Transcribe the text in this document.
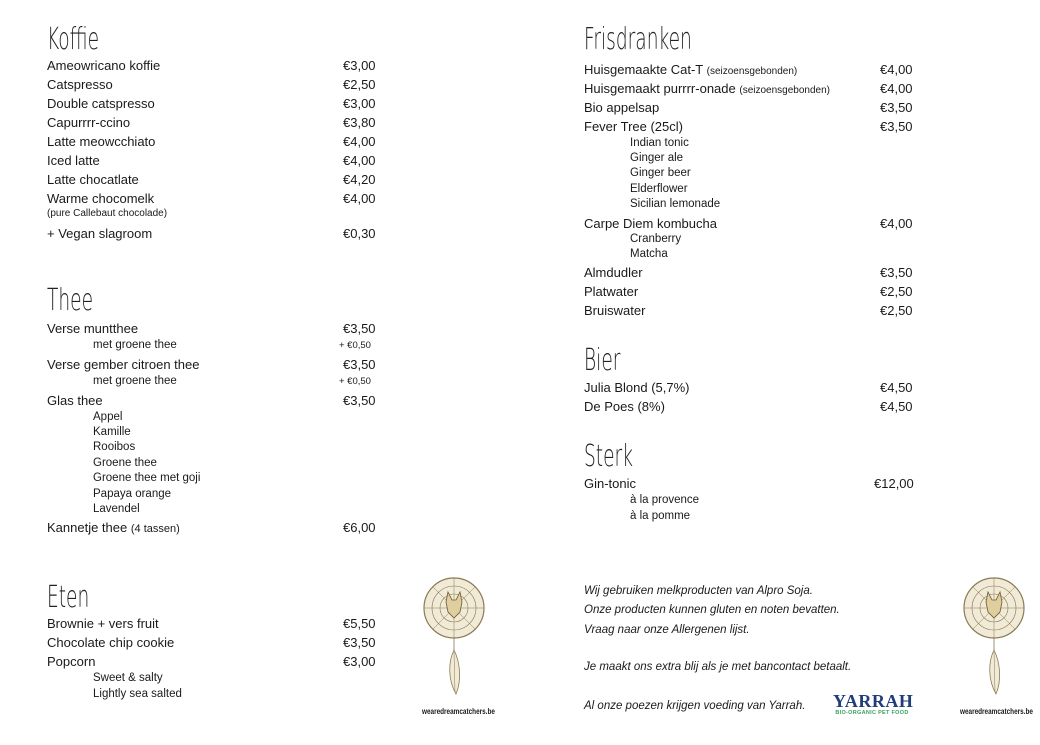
Koffie
Ameowricano koffie	€3,00
Catspresso	€2,50
Double catspresso	€3,00
Capurrrr-ccino	€3,80
Latte meowcchiato	€4,00
Iced latte	€4,00
Latte chocatlate	€4,20
Warme chocomelk	€4,00
(pure Callebaut chocolade)
+ Vegan slagroom	€0,30
Thee
Verse muntthee	€3,50
met groene thee	+ €0,50
Verse gember citroen thee	€3,50
met groene thee	+ €0,50
Glas thee	€3,50
Appel
Kamille
Rooibos
Groene thee
Groene thee met goji
Papaya orange
Lavendel
Kannetje thee (4 tassen)	€6,00
Eten
Brownie + vers fruit	€5,50
Chocolate chip cookie	€3,50
Popcorn	€3,00
Sweet & salty
Lightly sea salted
Frisdranken
Huisgemaakte Cat-T (seizoensgebonden)	€4,00
Huisgemaakt purrrr-onade (seizoensgebonden)	€4,00
Bio appelsap	€3,50
Fever Tree (25cl)	€3,50
Indian tonic
Ginger ale
Ginger beer
Elderflower
Sicilian lemonade
Carpe Diem kombucha	€4,00
Cranberry
Matcha
Almdudler	€3,50
Platwater	€2,50
Bruiswater	€2,50
Bier
Julia Blond (5,7%)	€4,50
De Poes (8%)	€4,50
Sterk
Gin-tonic	€12,00
à la provence
à la pomme
Wij gebruiken melkproducten van Alpro Soja.
Onze producten kunnen gluten en noten bevatten.
Vraag naar onze Allergenen lijst.
Je maakt ons extra blij als je met bancontact betaalt.
Al onze poezen krijgen voeding van Yarrah. YARRAH
BIO-ORGANIC PET FOOD
wearedreamcatchers.be	wearedreamcatchers.be
